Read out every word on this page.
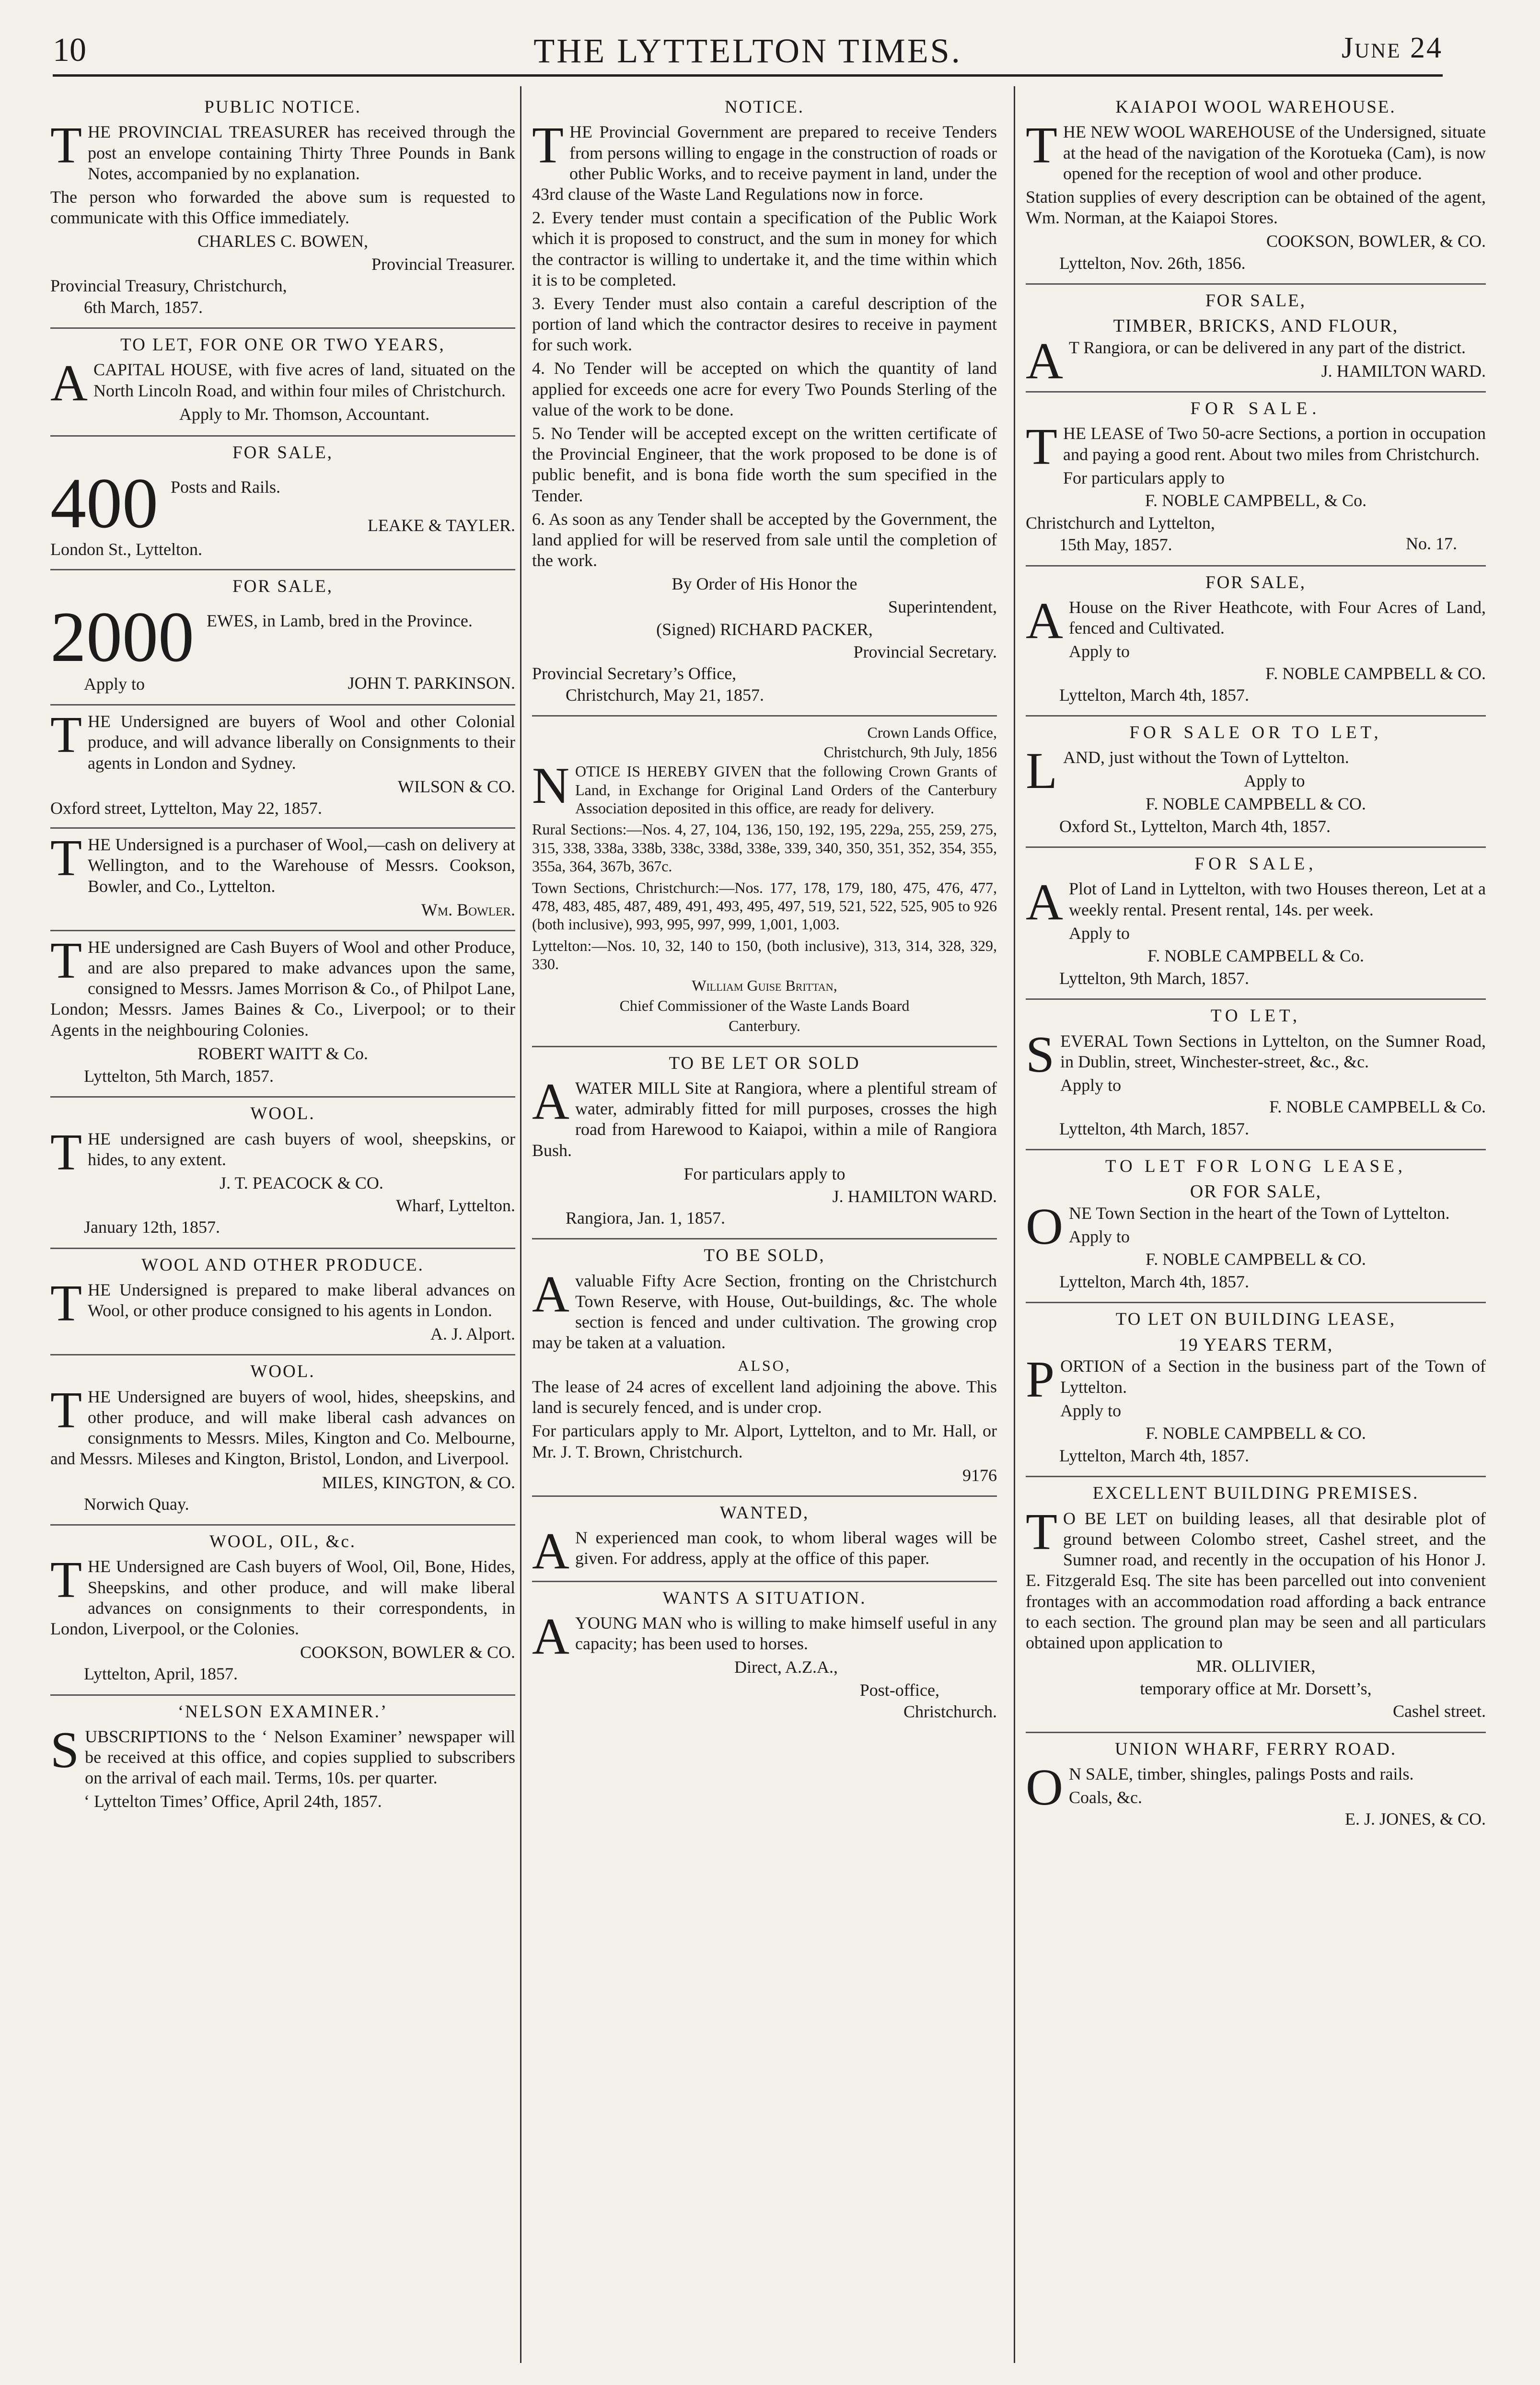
10	THE LYTTELTON TIMES.	June 24
PUBLIC NOTICE.

THE PROVINCIAL TREASURER has received through the post an envelope containing Thirty Three Pounds in Bank Notes, accompanied by no explanation.

The person who forwarded the above sum is requested to communicate with this Office immediately.

CHARLES C. BOWEN,
Provincial Treasurer.
Provincial Treasury, Christchurch,
6th March, 1857.
TO LET, FOR ONE OR TWO YEARS,

ACAPITAL HOUSE, with five acres of land, situated on the North Lincoln Road, and within four miles of Christchurch.

Apply to Mr. Thomson, Accountant.
FOR SALE,
400 Posts and Rails.
LEAKE & TAYLER.
London St., Lyttelton.
FOR SALE,
2000 EWES, in Lamb, bred in the Province.
Apply to	JOHN T. PARKINSON.

THE Undersigned are buyers of Wool and other Colonial produce, and will advance liberally on Consignments to their agents in London and Sydney.

WILSON & CO.
Oxford street, Lyttelton, May 22, 1857.

THE Undersigned is a purchaser of Wool,—cash on delivery at Wellington, and to the Warehouse of Messrs. Cookson, Bowler, and Co., Lyttelton.

Wm. Bowler.

THE undersigned are Cash Buyers of Wool and other Produce, and are also prepared to make advances upon the same, consigned to Messrs. James Morrison & Co., of Philpot Lane, London; Messrs. James Baines & Co., Liverpool; or to their Agents in the neighbouring Colonies.

ROBERT WAITT & Co.
Lyttelton, 5th March, 1857.
WOOL.

THE undersigned are cash buyers of wool, sheepskins, or hides, to any extent.

J. T. PEACOCK & CO.
Wharf, Lyttelton.
January 12th, 1857.
WOOL AND OTHER PRODUCE.

THE Undersigned is prepared to make liberal advances on Wool, or other produce consigned to his agents in London.

A. J. Alport.
WOOL.

THE Undersigned are buyers of wool, hides, sheepskins, and other produce, and will make liberal cash advances on consignments to Messrs. Miles, Kington and Co. Melbourne, and Messrs. Mileses and Kington, Bristol, London, and Liverpool.

MILES, KINGTON, & CO.
Norwich Quay.
WOOL, OIL, &c.

THE Undersigned are Cash buyers of Wool, Oil, Bone, Hides, Sheepskins, and other produce, and will make liberal advances on consignments to their correspondents, in London, Liverpool, or the Colonies.

COOKSON, BOWLER & CO.
Lyttelton, April, 1857.
‘NELSON EXAMINER.’

SUBSCRIPTIONS to the ‘ Nelson Examiner’ newspaper will be received at this office, and copies supplied to subscribers on the arrival of each mail. Terms, 10s. per quarter.

‘ Lyttelton Times’ Office, April 24th, 1857.
NOTICE.

THE Provincial Government are prepared to receive Tenders from persons willing to engage in the construction of roads or other Public Works, and to receive payment in land, under the 43rd clause of the Waste Land Regulations now in force.

2. Every tender must contain a specification of the Public Work which it is proposed to construct, and the sum in money for which the contractor is willing to undertake it, and the time within which it is to be completed.

3. Every Tender must also contain a careful description of the portion of land which the contractor desires to receive in payment for such work.

4. No Tender will be accepted on which the quantity of land applied for exceeds one acre for every Two Pounds Sterling of the value of the work to be done.

5. No Tender will be accepted except on the written certificate of the Provincial Engineer, that the work proposed to be done is of public benefit, and is bona fide worth the sum specified in the Tender.

6. As soon as any Tender shall be accepted by the Government, the land applied for will be reserved from sale until the completion of the work.

By Order of His Honor the
Superintendent,
(Signed) RICHARD PACKER,
Provincial Secretary.
Provincial Secretary’s Office,
Christchurch, May 21, 1857.
Crown Lands Office,
Christchurch, 9th July, 1856

NOTICE IS HEREBY GIVEN that the following Crown Grants of Land, in Exchange for Original Land Orders of the Canterbury Association deposited in this office, are ready for delivery.

Rural Sections:—Nos. 4, 27, 104, 136, 150, 192, 195, 229a, 255, 259, 275, 315, 338, 338a, 338b, 338c, 338d, 338e, 339, 340, 350, 351, 352, 354, 355, 355a, 364, 367b, 367c.

Town Sections, Christchurch:—Nos. 177, 178, 179, 180, 475, 476, 477, 478, 483, 485, 487, 489, 491, 493, 495, 497, 519, 521, 522, 525, 905 to 926 (both inclusive), 993, 995, 997, 999, 1,001, 1,003.

Lyttelton:—Nos. 10, 32, 140 to 150, (both inclusive), 313, 314, 328, 329, 330.

William Guise Brittan,
Chief Commissioner of the Waste Lands Board
Canterbury.
TO BE LET OR SOLD

AWATER MILL Site at Rangiora, where a plentiful stream of water, admirably fitted for mill purposes, crosses the high road from Harewood to Kaiapoi, within a mile of Rangiora Bush.

For particulars apply to
J. HAMILTON WARD.
Rangiora, Jan. 1, 1857.
TO BE SOLD,

Avaluable Fifty Acre Section, fronting on the Christchurch Town Reserve, with House, Out-buildings, &c. The whole section is fenced and under cultivation. The growing crop may be taken at a valuation.

ALSO,

The lease of 24 acres of excellent land adjoining the above. This land is securely fenced, and is under crop.

For particulars apply to Mr. Alport, Lyttelton, and to Mr. Hall, or Mr. J. T. Brown, Christchurch.

9176
WANTED,

A N experienced man cook, to whom liberal wages will be given. For address, apply at the office of this paper.

WANTS A SITUATION.

AYOUNG MAN who is willing to make himself useful in any capacity; has been used to horses.

Direct, A.Z.A.,
Post-office,
Christchurch.
KAIAPOI WOOL WAREHOUSE.

THE NEW WOOL WAREHOUSE of the Undersigned, situate at the head of the navigation of the Korotueka (Cam), is now opened for the reception of wool and other produce.

Station supplies of every description can be obtained of the agent, Wm. Norman, at the Kaiapoi Stores.

COOKSON, BOWLER, & CO.
Lyttelton, Nov. 26th, 1856.
FOR SALE,
TIMBER, BRICKS, AND FLOUR,

A T Rangiora, or can be delivered in any part of the district.

J. HAMILTON WARD.
FOR SALE.

THE LEASE of Two 50-acre Sections, a portion in occupation and paying a good rent. About two miles from Christchurch.

For particulars apply to
F. NOBLE CAMPBELL, & Co.
Christchurch and Lyttelton,
15th May, 1857.	No. 17.
FOR SALE,

A House on the River Heathcote, with Four Acres of Land, fenced and Cultivated.

Apply to
F. NOBLE CAMPBELL & CO.
Lyttelton, March 4th, 1857.
FOR SALE OR TO LET,

LAND, just without the Town of Lyttelton.

Apply to
F. NOBLE CAMPBELL & CO.
Oxford St., Lyttelton, March 4th, 1857.
FOR SALE,

A Plot of Land in Lyttelton, with two Houses thereon, Let at a weekly rental. Present rental, 14s. per week.

Apply to
F. NOBLE CAMPBELL & Co.
Lyttelton, 9th March, 1857.
TO LET,

SEVERAL Town Sections in Lyttelton, on the Sumner Road, in Dublin, street, Winchester-street, &c., &c.

Apply to
F. NOBLE CAMPBELL & Co.
Lyttelton, 4th March, 1857.
TO LET FOR LONG LEASE,
OR FOR SALE,

ONE Town Section in the heart of the Town of Lyttelton.

Apply to
F. NOBLE CAMPBELL & CO.
Lyttelton, March 4th, 1857.
TO LET ON BUILDING LEASE,
19 YEARS TERM,

PORTION of a Section in the business part of the Town of Lyttelton.

Apply to
F. NOBLE CAMPBELL & CO.
Lyttelton, March 4th, 1857.
EXCELLENT BUILDING PREMISES.

T O BE LET on building leases, all that desirable plot of ground between Colombo street, Cashel street, and the Sumner road, and recently in the occupation of his Honor J. E. Fitzgerald Esq. The site has been parcelled out into convenient frontages with an accommodation road affording a back entrance to each section. The ground plan may be seen and all particulars obtained upon application to

MR. OLLIVIER,
temporary office at Mr. Dorsett’s,
Cashel street.
UNION WHARF, FERRY ROAD.

O N SALE, timber, shingles, palings Posts and rails.

Coals, &c.
E. J. JONES, & CO.
